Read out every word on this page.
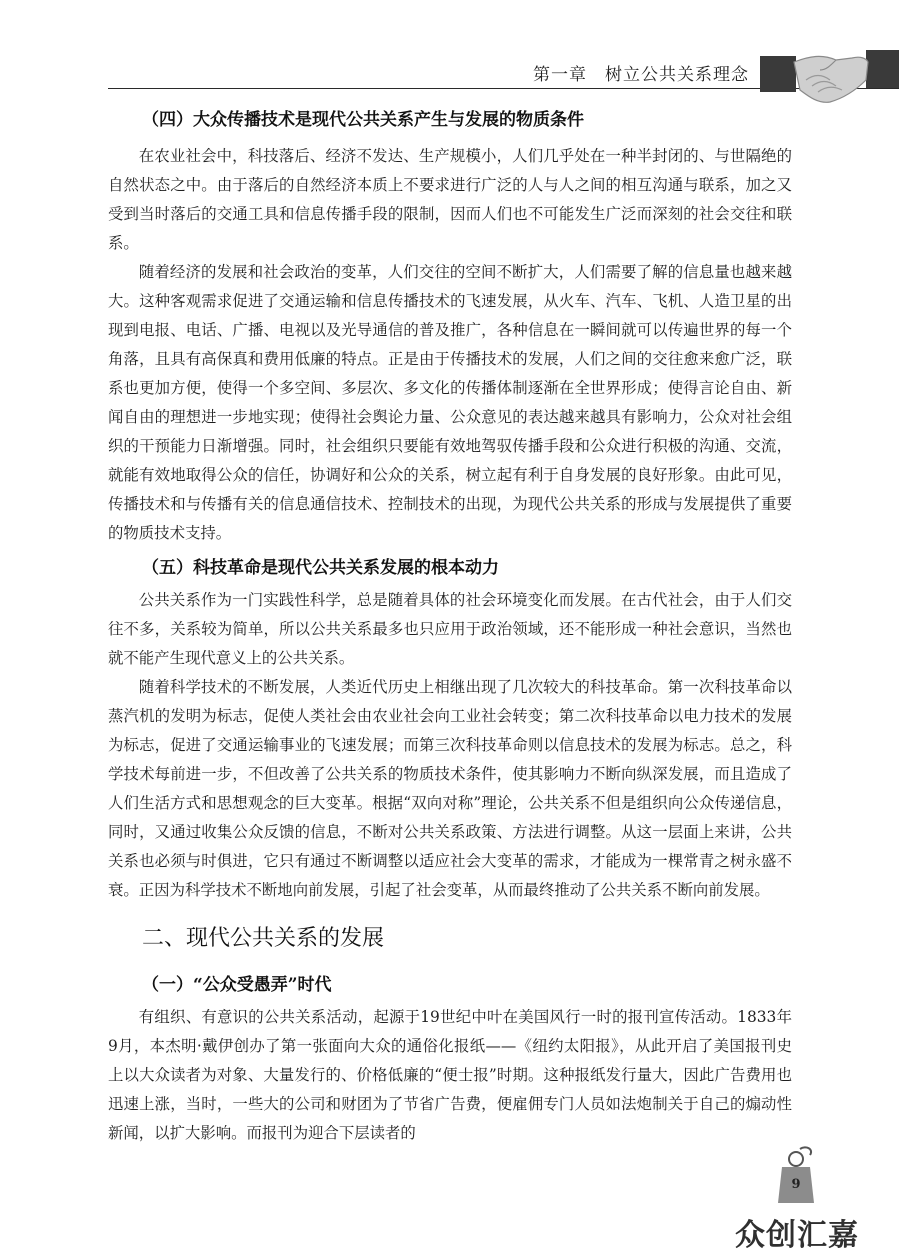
第一章　树立公共关系理念
（四）大众传播技术是现代公共关系产生与发展的物质条件

在农业社会中，科技落后、经济不发达、生产规模小，人们几乎处在一种半封闭的、与世隔绝的自然状态之中。由于落后的自然经济本质上不要求进行广泛的人与人之间的相互沟通与联系，加之又受到当时落后的交通工具和信息传播手段的限制，因而人们也不可能发生广泛而深刻的社会交往和联系。

随着经济的发展和社会政治的变革，人们交往的空间不断扩大，人们需要了解的信息量也越来越大。这种客观需求促进了交通运输和信息传播技术的飞速发展，从火车、汽车、飞机、人造卫星的出现到电报、电话、广播、电视以及光导通信的普及推广，各种信息在一瞬间就可以传遍世界的每一个角落，且具有高保真和费用低廉的特点。正是由于传播技术的发展，人们之间的交往愈来愈广泛，联系也更加方便，使得一个多空间、多层次、多文化的传播体制逐渐在全世界形成；使得言论自由、新闻自由的理想进一步地实现；使得社会舆论力量、公众意见的表达越来越具有影响力，公众对社会组织的干预能力日渐增强。同时，社会组织只要能有效地驾驭传播手段和公众进行积极的沟通、交流，就能有效地取得公众的信任，协调好和公众的关系，树立起有利于自身发展的良好形象。由此可见，传播技术和与传播有关的信息通信技术、控制技术的出现，为现代公共关系的形成与发展提供了重要的物质技术支持。

（五）科技革命是现代公共关系发展的根本动力

公共关系作为一门实践性科学，总是随着具体的社会环境变化而发展。在古代社会，由于人们交往不多，关系较为简单，所以公共关系最多也只应用于政治领域，还不能形成一种社会意识，当然也就不能产生现代意义上的公共关系。

随着科学技术的不断发展，人类近代历史上相继出现了几次较大的科技革命。第一次科技革命以蒸汽机的发明为标志，促使人类社会由农业社会向工业社会转变；第二次科技革命以电力技术的发展为标志，促进了交通运输事业的飞速发展；而第三次科技革命则以信息技术的发展为标志。总之，科学技术每前进一步，不但改善了公共关系的物质技术条件，使其影响力不断向纵深发展，而且造成了人们生活方式和思想观念的巨大变革。根据“双向对称”理论，公共关系不但是组织向公众传递信息，同时，又通过收集公众反馈的信息，不断对公共关系政策、方法进行调整。从这一层面上来讲，公共关系也必须与时俱进，它只有通过不断调整以适应社会大变革的需求，才能成为一棵常青之树永盛不衰。正因为科学技术不断地向前发展，引起了社会变革，从而最终推动了公共关系不断向前发展。

二、现代公共关系的发展
（一）“公众受愚弄”时代

有组织、有意识的公共关系活动，起源于19世纪中叶在美国风行一时的报刊宣传活动。1833年9月，本杰明·戴伊创办了第一张面向大众的通俗化报纸——《纽约太阳报》，从此开启了美国报刊史上以大众读者为对象、大量发行的、价格低廉的“便士报”时期。这种报纸发行量大，因此广告费用也迅速上涨，当时，一些大的公司和财团为了节省广告费，便雇佣专门人员如法炮制关于自己的煽动性新闻，以扩大影响。而报刊为迎合下层读者的

9
众创汇嘉
